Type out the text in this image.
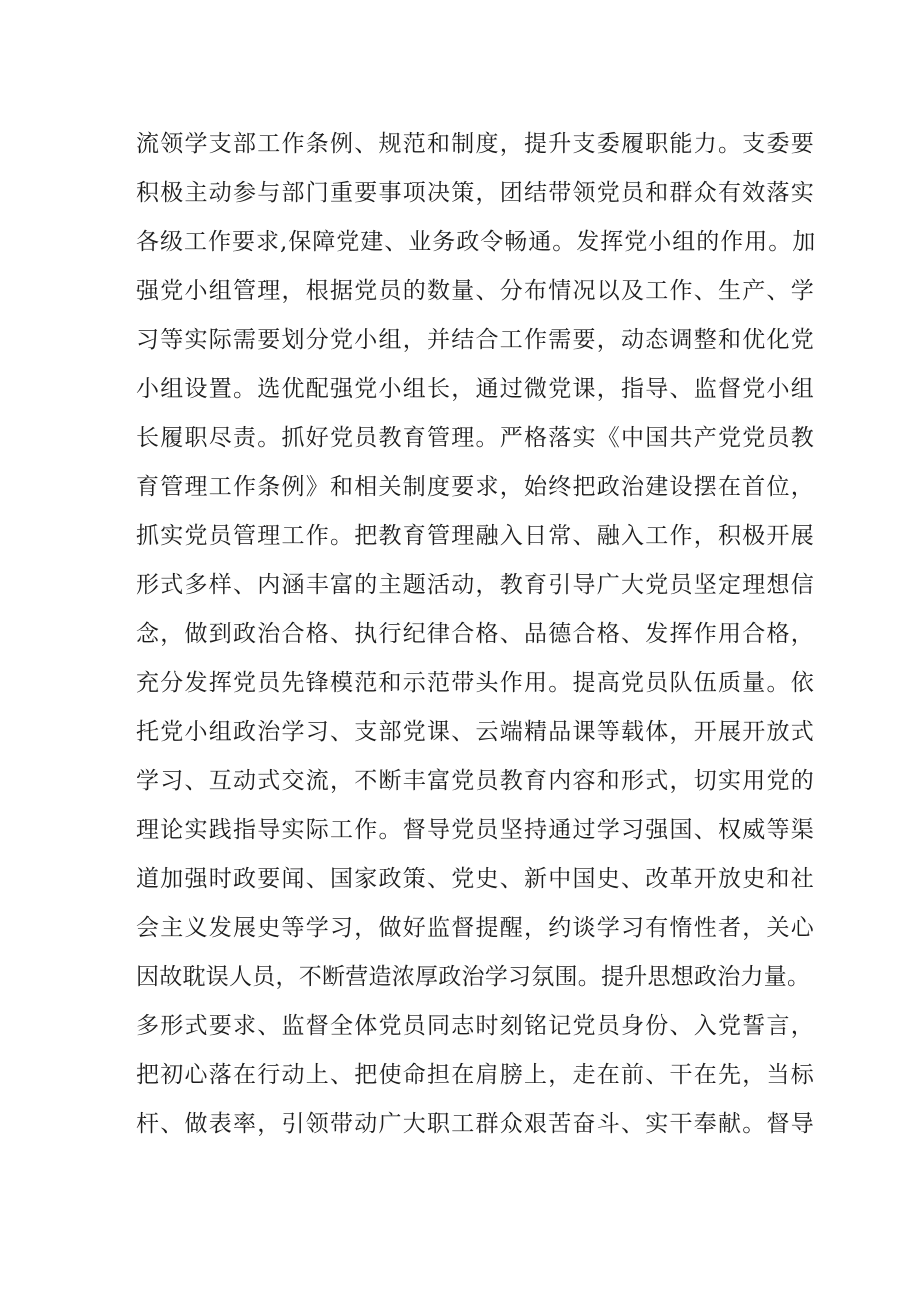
流领学支部工作条例、规范和制度，提升支委履职能力。支委要
积极主动参与部门重要事项决策，团结带领党员和群众有效落实
各级工作要求,保障党建、业务政令畅通。发挥党小组的作用。加
强党小组管理，根据党员的数量、分布情况以及工作、生产、学
习等实际需要划分党小组，并结合工作需要，动态调整和优化党
小组设置。选优配强党小组长，通过微党课，指导、监督党小组
长履职尽责。抓好党员教育管理。严格落实《中国共产党党员教
育管理工作条例》和相关制度要求，始终把政治建设摆在首位，
抓实党员管理工作。把教育管理融入日常、融入工作，积极开展
形式多样、内涵丰富的主题活动，教育引导广大党员坚定理想信
念，做到政治合格、执行纪律合格、品德合格、发挥作用合格，
充分发挥党员先锋模范和示范带头作用。提高党员队伍质量。依
托党小组政治学习、支部党课、云端精品课等载体，开展开放式
学习、互动式交流，不断丰富党员教育内容和形式，切实用党的
理论实践指导实际工作。督导党员坚持通过学习强国、权威等渠
道加强时政要闻、国家政策、党史、新中国史、改革开放史和社
会主义发展史等学习，做好监督提醒，约谈学习有惰性者，关心
因故耽误人员，不断营造浓厚政治学习氛围。提升思想政治力量。
多形式要求、监督全体党员同志时刻铭记党员身份、入党誓言，
把初心落在行动上、把使命担在肩膀上，走在前、干在先，当标
杆、做表率，引领带动广大职工群众艰苦奋斗、实干奉献。督导
